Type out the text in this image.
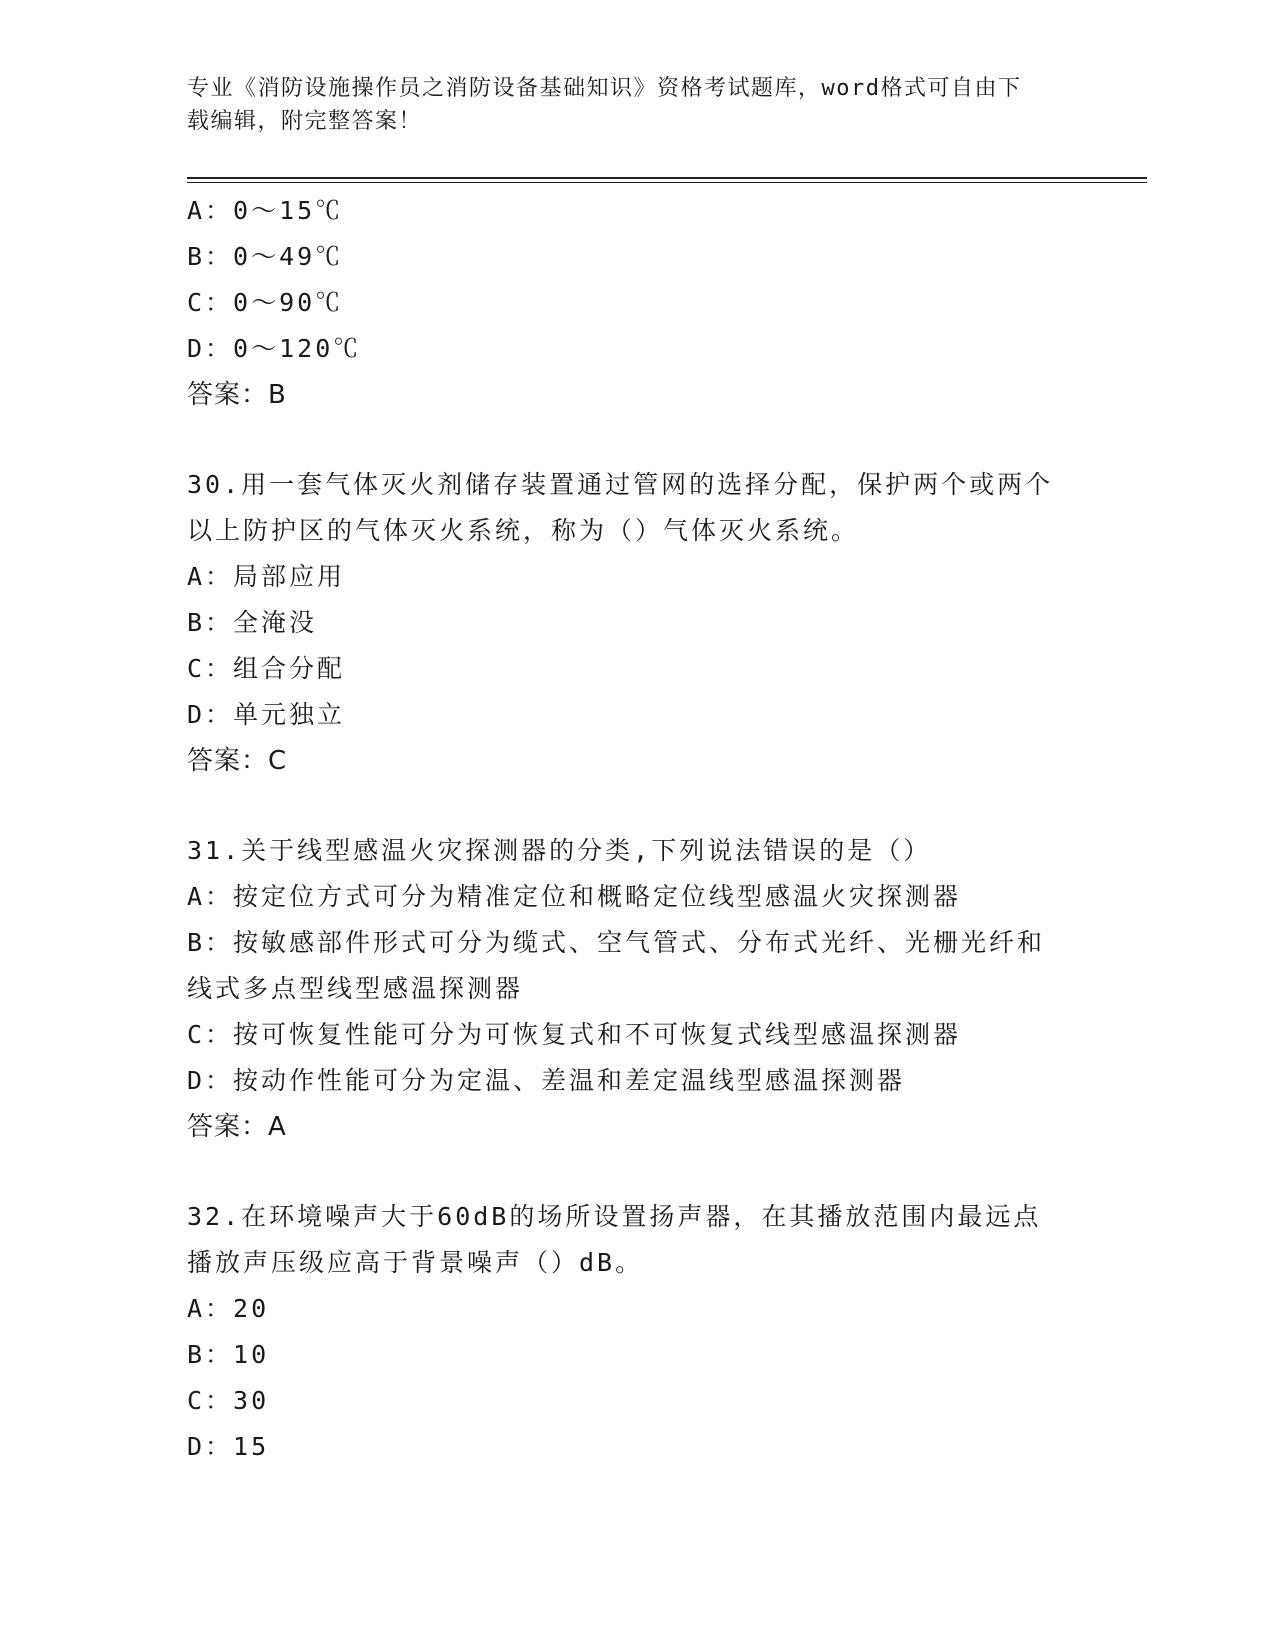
专业《消防设施操作员之消防设备基础知识》资格考试题库，word格式可自由下
载编辑，附完整答案！
A：0～15℃
B：0～49℃
C：0～90℃
D：0～120℃
答案：B
30.用一套气体灭火剂储存装置通过管网的选择分配，保护两个或两个
以上防护区的气体灭火系统，称为（）气体灭火系统。
A：局部应用
B：全淹没
C：组合分配
D：单元独立
答案：C
31.关于线型感温火灾探测器的分类,下列说法错误的是（）
A：按定位方式可分为精准定位和概略定位线型感温火灾探测器
B：按敏感部件形式可分为缆式、空气管式、分布式光纤、光栅光纤和
线式多点型线型感温探测器
C：按可恢复性能可分为可恢复式和不可恢复式线型感温探测器
D：按动作性能可分为定温、差温和差定温线型感温探测器
答案：A
32.在环境噪声大于60dB的场所设置扬声器，在其播放范围内最远点
播放声压级应高于背景噪声（）dB。
A：20
B：10
C：30
D：15
